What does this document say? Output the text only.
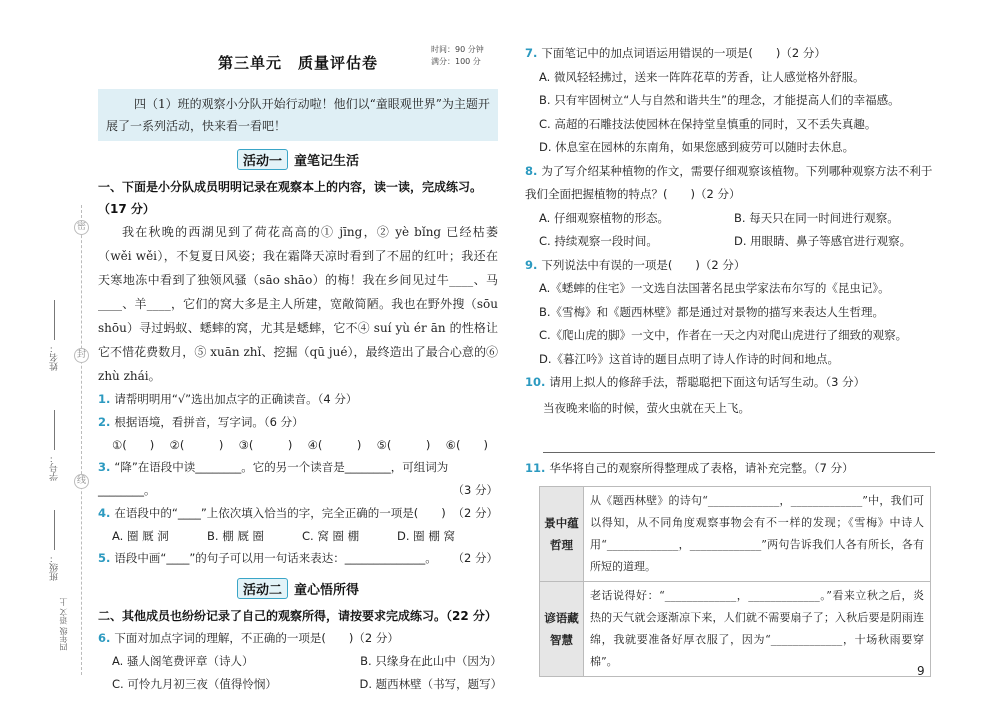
密
封
线
姓名：
学号：
班级：
四年级 语文 上
第三单元　质量评估卷
时间：90 分钟
满分：100 分
四（1）班的观察小分队开始行动啦！他们以“童眼观世界”为主题开展了一系列活动，快来看一看吧！
活动一 童笔记生活
一、下面是小分队成员明明记录在观察本上的内容，读一读，完成练习。（17 分）
我在秋晚的西湖见到了荷花高高的① jīng，② yè bǐng 已经枯萎（wěi wěi），不复夏日风姿；我在霜降天凉时看到了不屈的红叶；我还在天寒地冻中看到了独领风骚（sāo shāo）的梅！我在乡间见过牛____、马____、羊____，它们的窝大多是主人所建，宽敞简陋。我也在野外搜（sōu shōu）寻过蚂蚁、蟋蟀的窝，尤其是蟋蟀，它不④ suí yù ér ān 的性格让它不惜花费数月，⑤ xuān zhǐ、挖掘（qū jué），最终造出了最合心意的⑥ zhù zhái。
1. 请帮明明用“√”选出加点字的正确读音。（4 分）
2. 根据语境，看拼音，写字词。（6 分）
①(　　) ②(　　　) ③(　　　) ④(　　　) ⑤(　　　) ⑥(　　)
3. “降”在语段中读________。它的另一个读音是________，可组词为________。	（3 分）
4. 在语段中的“____”上依次填入恰当的字，完全正确的一项是(　　) （2 分）
A. 圈 厩 洞	B. 棚 厩 圈	C. 窝 圈 棚	D. 圈 棚 窝
5. 语段中画“____”的句子可以用一句话来表达：______________。 （2 分）
活动二 童心悟所得
二、其他成员也纷纷记录了自己的观察所得，请按要求完成练习。（22 分）
6. 下面对加点字词的理解，不正确的一项是(　　)（2 分）
A. 骚人阁笔费评章（诗人）	B. 只缘身在此山中（因为）
C. 可怜九月初三夜（值得怜悯）	D. 题西林壁（书写，题写）
7. 下面笔记中的加点词语运用错误的一项是(　　)（2 分）
A. 微风轻轻拂过，送来一阵阵花草的芳香，让人感觉格外舒服。
B. 只有牢固树立“人与自然和谐共生”的理念，才能提高人们的幸福感。
C. 高超的石雕技法使园林在保持堂皇慎重的同时，又不丢失真趣。
D. 休息室在园林的东南角，如果您感到疲劳可以随时去休息。
8. 为了写介绍某种植物的作文，需要仔细观察该植物。下列哪种观察方法不利于我们全面把握植物的特点？(　　)（2 分）
A. 仔细观察植物的形态。	B. 每天只在同一时间进行观察。
C. 持续观察一段时间。	D. 用眼睛、鼻子等感官进行观察。
9. 下列说法中有误的一项是(　　)（2 分）
A.《蟋蟀的住宅》一文选自法国著名昆虫学家法布尔写的《昆虫记》。
B.《雪梅》和《题西林壁》都是通过对景物的描写来表达人生哲理。
C.《爬山虎的脚》一文中，作者在一天之内对爬山虎进行了细致的观察。
D.《暮江吟》这首诗的题目点明了诗人作诗的时间和地点。
10. 请用上拟人的修辞手法，帮聪聪把下面这句话写生动。（3 分）
当夜晚来临的时候，萤火虫就在天上飞。
11. 华华将自己的观察所得整理成了表格，请补充完整。（7 分）
景中蕴哲理	从《题西林壁》的诗句“_____________，_____________”中，我们可以得知，从不同角度观察事物会有不一样的发现；《雪梅》中诗人用“_____________，_____________”两句告诉我们人各有所长，各有所短的道理。
谚语藏智慧	老话说得好：“_____________，_____________。”看来立秋之后，炎热的天气就会逐渐凉下来，人们就不需要扇子了；入秋后要是阴雨连绵，我就要准备好厚衣服了，因为“_____________，十场秋雨要穿棉”。
9
